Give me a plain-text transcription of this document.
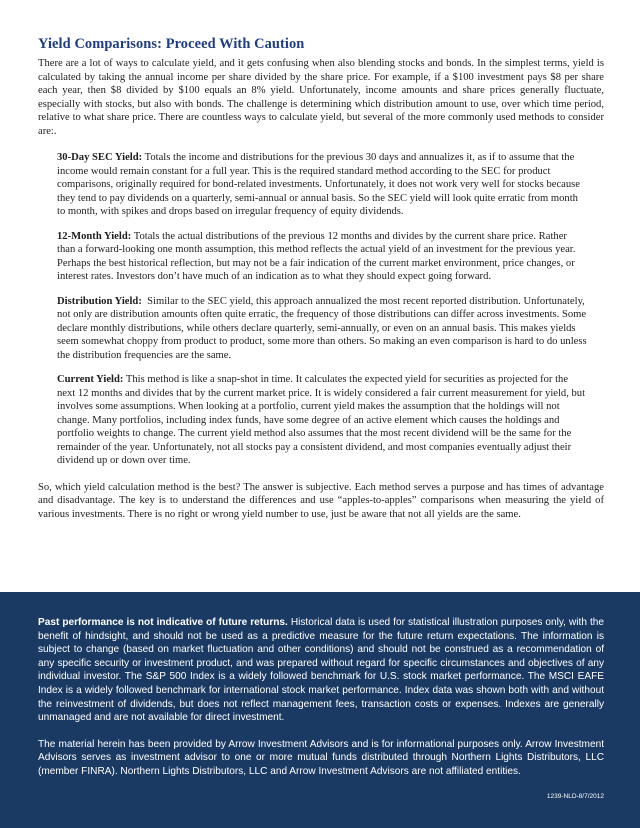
Yield Comparisons: Proceed With Caution

There are a lot of ways to calculate yield, and it gets confusing when also blending stocks and bonds. In the simplest terms, yield is calculated by taking the annual income per share divided by the share price. For example, if a $100 investment pays $8 per share each year, then $8 divided by $100 equals an 8% yield. Unfortunately, income amounts and share prices generally fluctuate, especially with stocks, but also with bonds. The challenge is determining which distribution amount to use, over which time period, relative to what share price. There are countless ways to calculate yield, but several of the more commonly used methods to consider are:.

30-Day SEC Yield: Totals the income and distributions for the previous 30 days and annualizes it, as if to assume that the income would remain constant for a full year. This is the required standard method according to the SEC for product comparisons, originally required for bond-related investments. Unfortunately, it does not work very well for stocks because they tend to pay dividends on a quarterly, semi-annual or annual basis. So the SEC yield will look quite erratic from month to month, with spikes and drops based on irregular frequency of equity dividends.

12-Month Yield: Totals the actual distributions of the previous 12 months and divides by the current share price. Rather than a forward-looking one month assumption, this method reflects the actual yield of an investment for the previous year. Perhaps the best historical reflection, but may not be a fair indication of the current market environment, price changes, or interest rates. Investors don’t have much of an indication as to what they should expect going forward.

Distribution Yield: Similar to the SEC yield, this approach annualized the most recent reported distribution. Unfortunately, not only are distribution amounts often quite erratic, the frequency of those distributions can differ across investments. Some declare monthly distributions, while others declare quarterly, semi-annually, or even on an annual basis. This makes yields seem somewhat choppy from product to product, some more than others. So making an even comparison is hard to do unless the distribution frequencies are the same.

Current Yield: This method is like a snap-shot in time. It calculates the expected yield for securities as projected for the next 12 months and divides that by the current market price. It is widely considered a fair current measurement for yield, but involves some assumptions. When looking at a portfolio, current yield makes the assumption that the holdings will not change. Many portfolios, including index funds, have some degree of an active element which causes the holdings and portfolio weights to change. The current yield method also assumes that the most recent dividend will be the same for the remainder of the year. Unfortunately, not all stocks pay a consistent dividend, and most companies eventually adjust their dividend up or down over time.

So, which yield calculation method is the best? The answer is subjective. Each method serves a purpose and has times of advantage and disadvantage. The key is to understand the differences and use “apples-to-apples” comparisons when measuring the yield of various investments. There is no right or wrong yield number to use, just be aware that not all yields are the same.

Past performance is not indicative of future returns. Historical data is used for statistical illustration purposes only, with the benefit of hindsight, and should not be used as a predictive measure for the future return expectations. The information is subject to change (based on market fluctuation and other conditions) and should not be construed as a recommendation of any specific security or investment product, and was prepared without regard for specific circumstances and objectives of any individual investor. The S&P 500 Index is a widely followed benchmark for U.S. stock market performance. The MSCI EAFE Index is a widely followed benchmark for international stock market performance. Index data was shown both with and without the reinvestment of dividends, but does not reflect management fees, transaction costs or expenses. Indexes are generally unmanaged and are not available for direct investment.

The material herein has been provided by Arrow Investment Advisors and is for informational purposes only. Arrow Investment Advisors serves as investment advisor to one or more mutual funds distributed through Northern Lights Distributors, LLC (member FINRA). Northern Lights Distributors, LLC and Arrow Investment Advisors are not affiliated entities.

1239-NLD-8/7/2012
